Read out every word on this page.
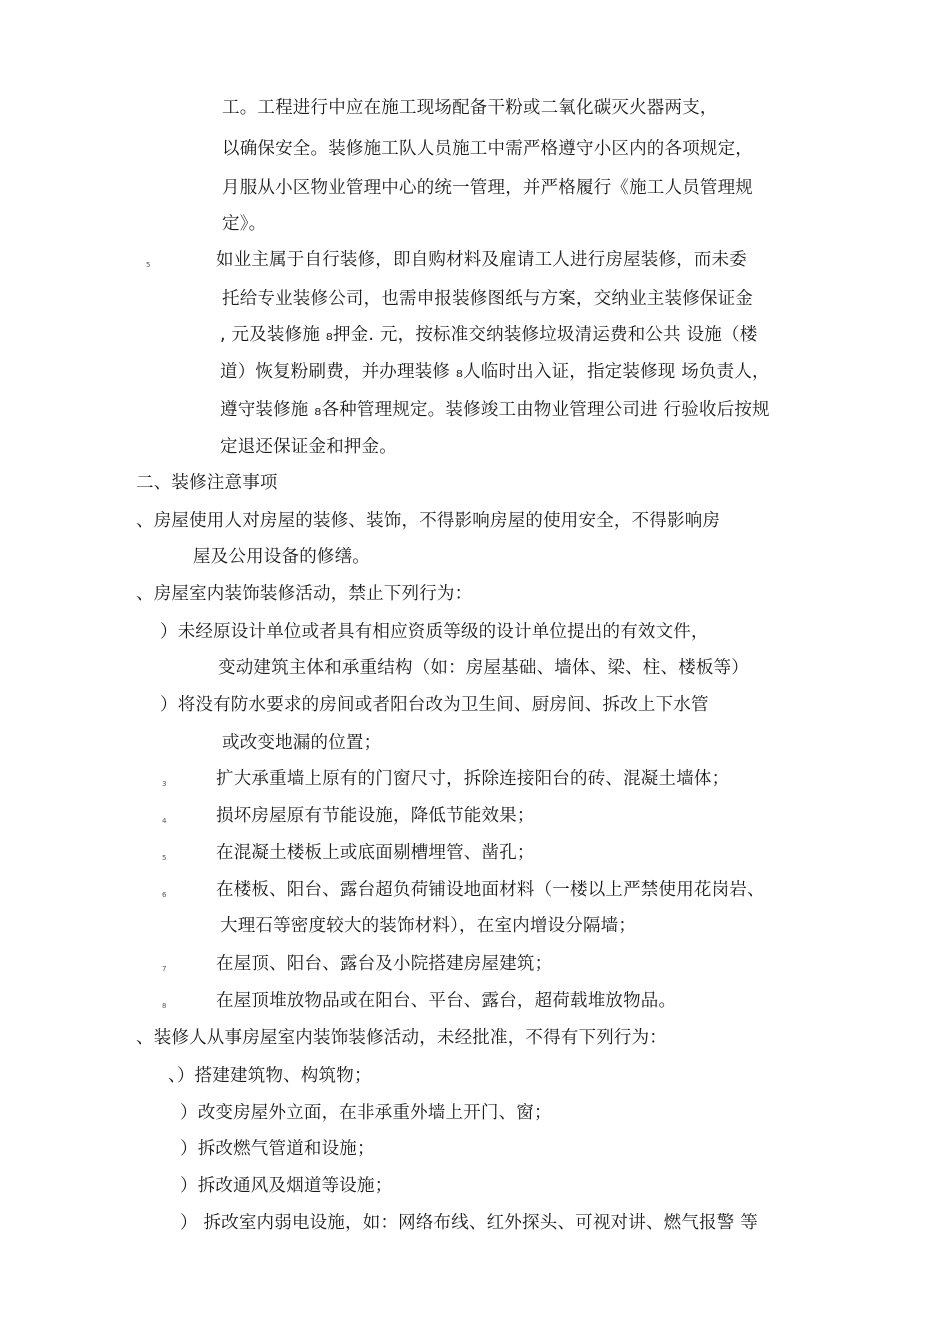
工。工程进行中应在施工现场配备干粉或二氧化碳灭火器两支，
以确保安全。装修施工队人员施工中需严格遵守小区内的各项规定，
月服从小区物业管理中心的统一管理，并严格履行《施工人员管理规
定》。
5	如业主属于自行装修，即自购材料及雇请工人进行房屋装修，而未委
托给专业装修公司，也需申报装修图纸与方案，交纳业主装修保证金
, 元及装修施 ₈押金. 元，按标准交纳装修垃圾清运费和公共 设施（楼
道）恢复粉刷费，并办理装修 ₈人临时出入证，指定装修现 场负责人，
遵守装修施 ₈各种管理规定。装修竣工由物业管理公司进 行验收后按规
定退还保证金和押金。
二、装修注意事项
、房屋使用人对房屋的装修、装饰，不得影响房屋的使用安全，不得影响房
屋及公用设备的修缮。
、房屋室内装饰装修活动，禁止下列行为：
）未经原设计单位或者具有相应资质等级的设计单位提出的有效文件，
变动建筑主体和承重结构（如：房屋基础、墙体、梁、柱、楼板等）
）将没有防水要求的房间或者阳台改为卫生间、厨房间、拆改上下水管
或改变地漏的位置；
3	扩大承重墙上原有的门窗尺寸，拆除连接阳台的砖、混凝土墙体；
4	损坏房屋原有节能设施，降低节能效果；
5	在混凝土楼板上或底面剔槽埋管、凿孔；
6	在楼板、阳台、露台超负荷铺设地面材料（一楼以上严禁使用花岗岩、
大理石等密度较大的装饰材料），在室内增设分隔墙；
7	在屋顶、阳台、露台及小院搭建房屋建筑；
8	在屋顶堆放物品或在阳台、平台、露台，超荷载堆放物品。
、装修人从事房屋室内装饰装修活动，未经批准，不得有下列行为：
、）搭建建筑物、构筑物；
）改变房屋外立面，在非承重外墙上开门、窗；
）拆改燃气管道和设施；
）拆改通风及烟道等设施；
） 拆改室内弱电设施，如：网络布线、红外探头、可视对讲、燃气报警 等
